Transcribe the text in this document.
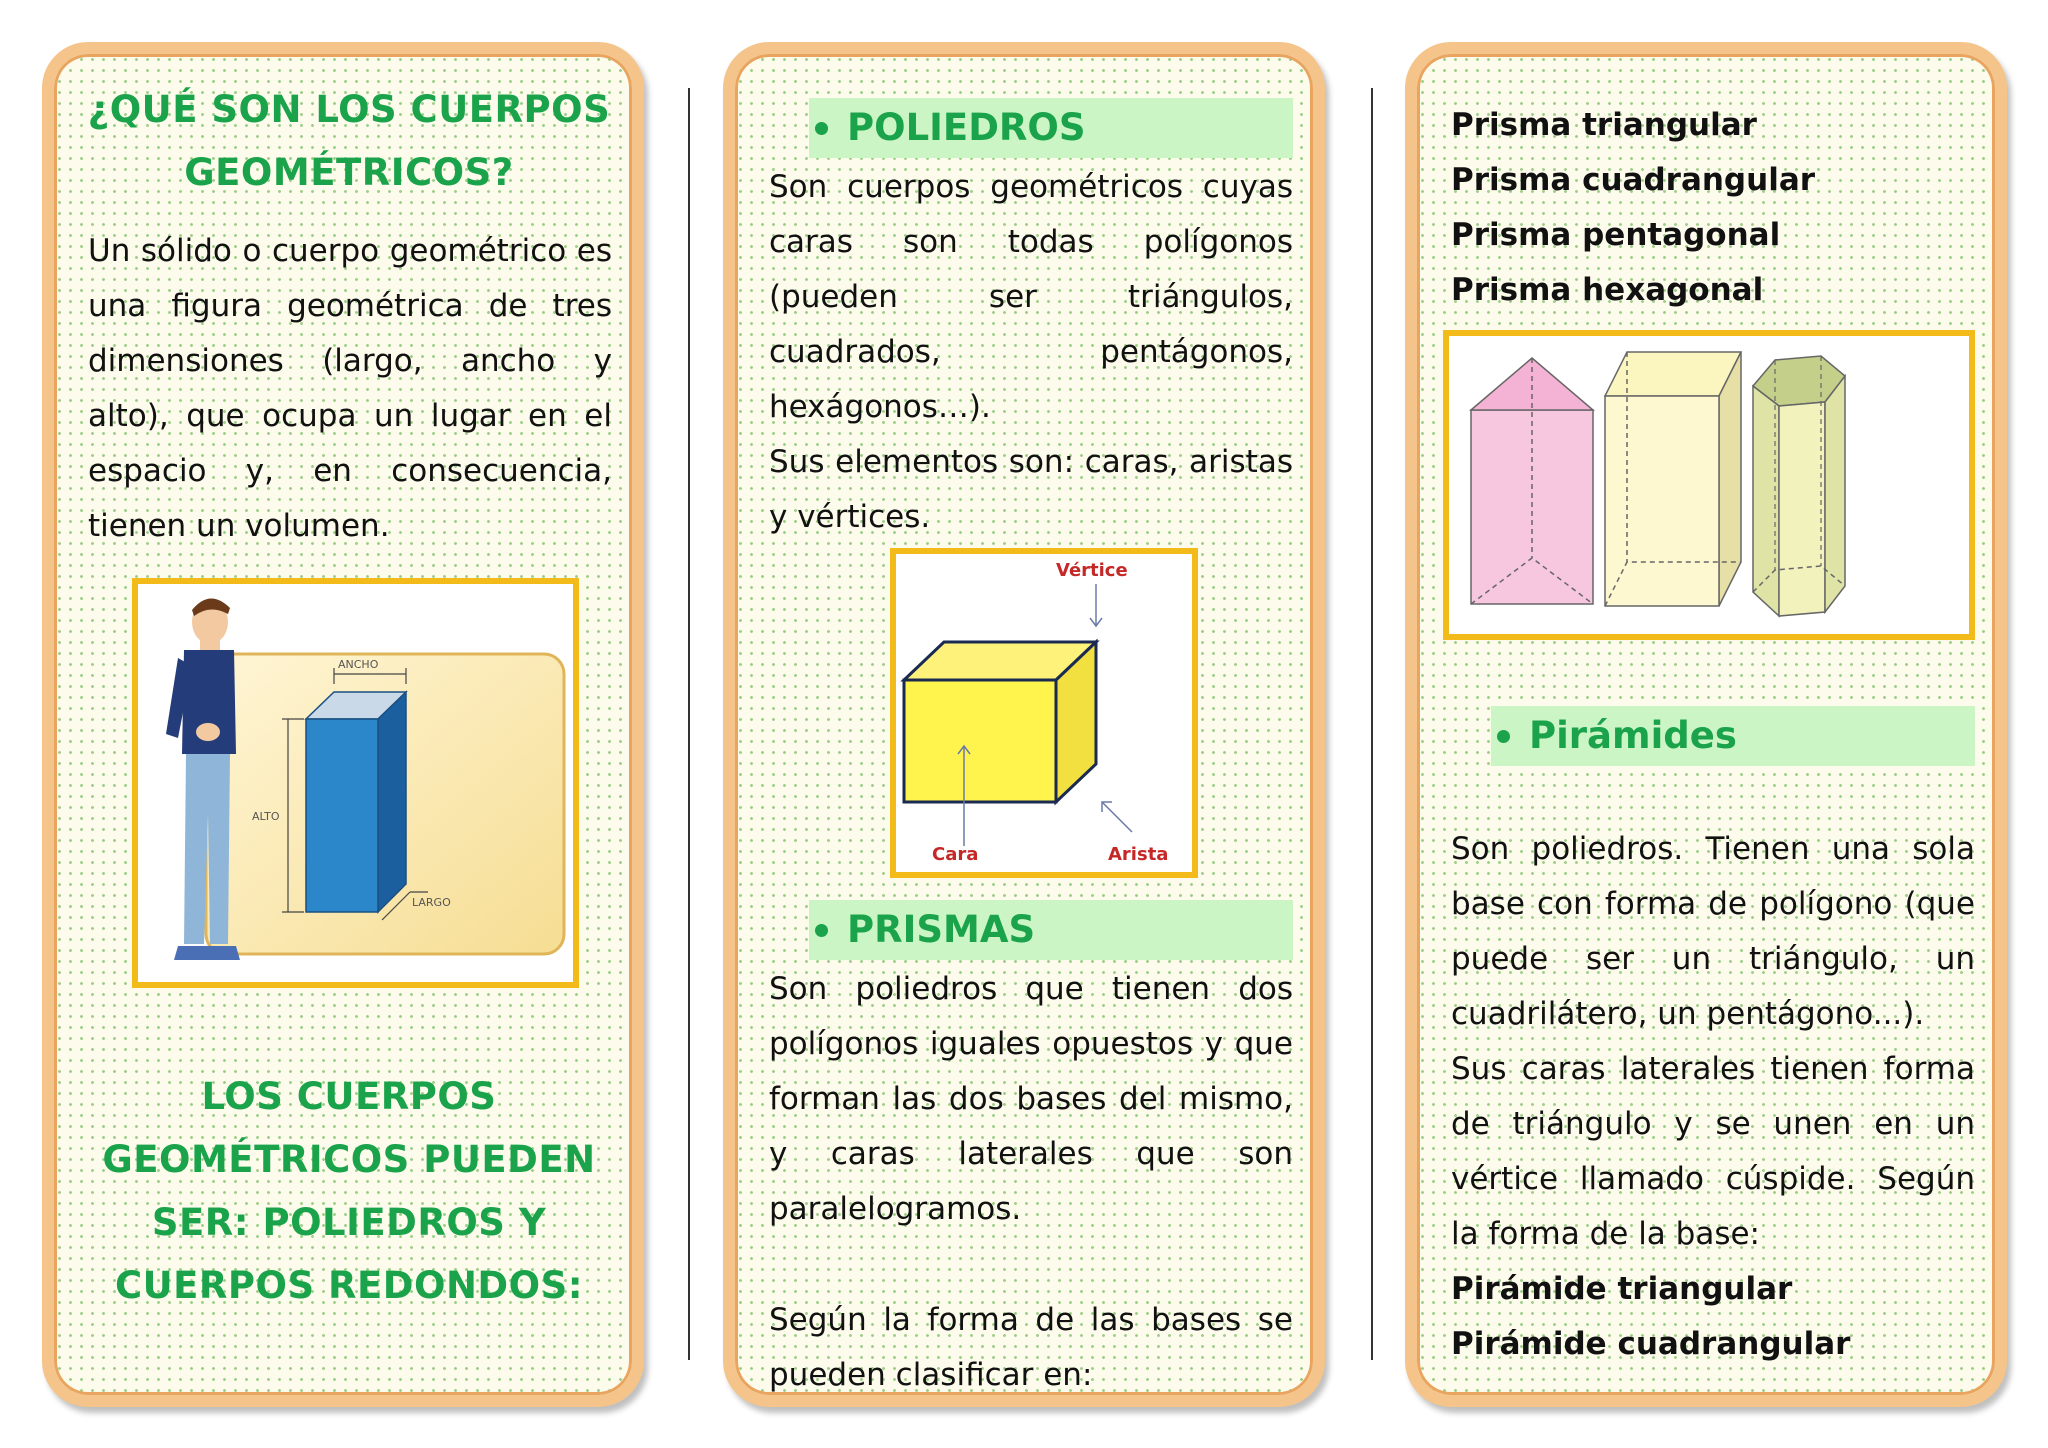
¿QUÉ SON LOS CUERPOS GEOMÉTRICOS?
Un sólido o cuerpo geométrico es una figura geométrica de tres dimensiones (largo, ancho y alto), que ocupa un lugar en el espacio y, en consecuencia, tienen un volumen.
ANCHO
ALTO
LARGO
LOS CUERPOS GEOMÉTRICOS PUEDEN SER: POLIEDROS Y CUERPOS REDONDOS:
POLIEDROS
Son cuerpos geométricos cuyas caras son todas polígonos (pueden ser triángulos, cuadrados, pentágonos, hexágonos…).
Sus elementos son: caras, aristas y vértices.
Vértice
Cara	Arista
PRISMAS
Son poliedros que tienen dos polígonos iguales opuestos y que forman las dos bases del mismo, y caras laterales que son paralelogramos.
Según la forma de las bases se pueden clasificar en:
Prisma triangular
Prisma cuadrangular
Prisma pentagonal
Prisma hexagonal
Pirámides
Son poliedros. Tienen una sola base con forma de polígono (que puede ser un triángulo, un cuadrilátero, un pentágono...).
Sus caras laterales tienen forma de triángulo y se unen en un vértice llamado cúspide. Según la forma de la base:
Pirámide triangular
Pirámide cuadrangular
